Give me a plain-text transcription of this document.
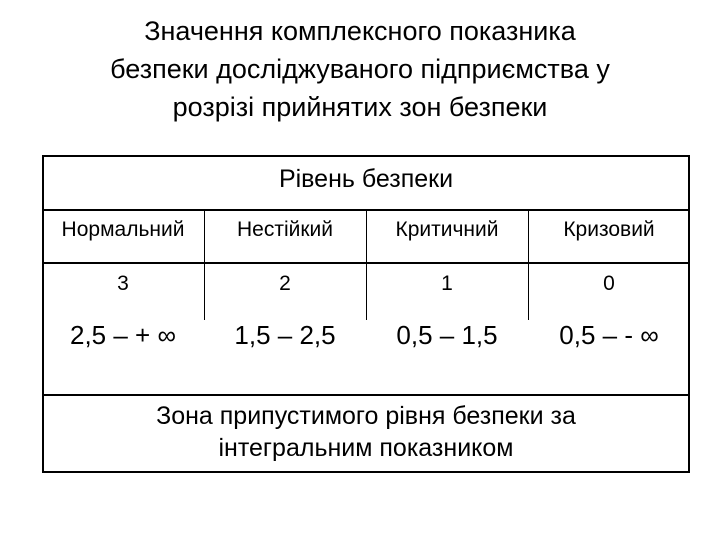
Значення комплексного показника
безпеки досліджуваного підприємства у
розрізі прийнятих зон безпеки
Рівень безпеки
Нормальний	Нестійкий	Критичний	Кризовий
3	2	1	0
2,5 – + ∞	1,5 – 2,5	0,5 – 1,5	0,5 – - ∞
Зона припустимого рівня безпеки за
інтегральним показником
